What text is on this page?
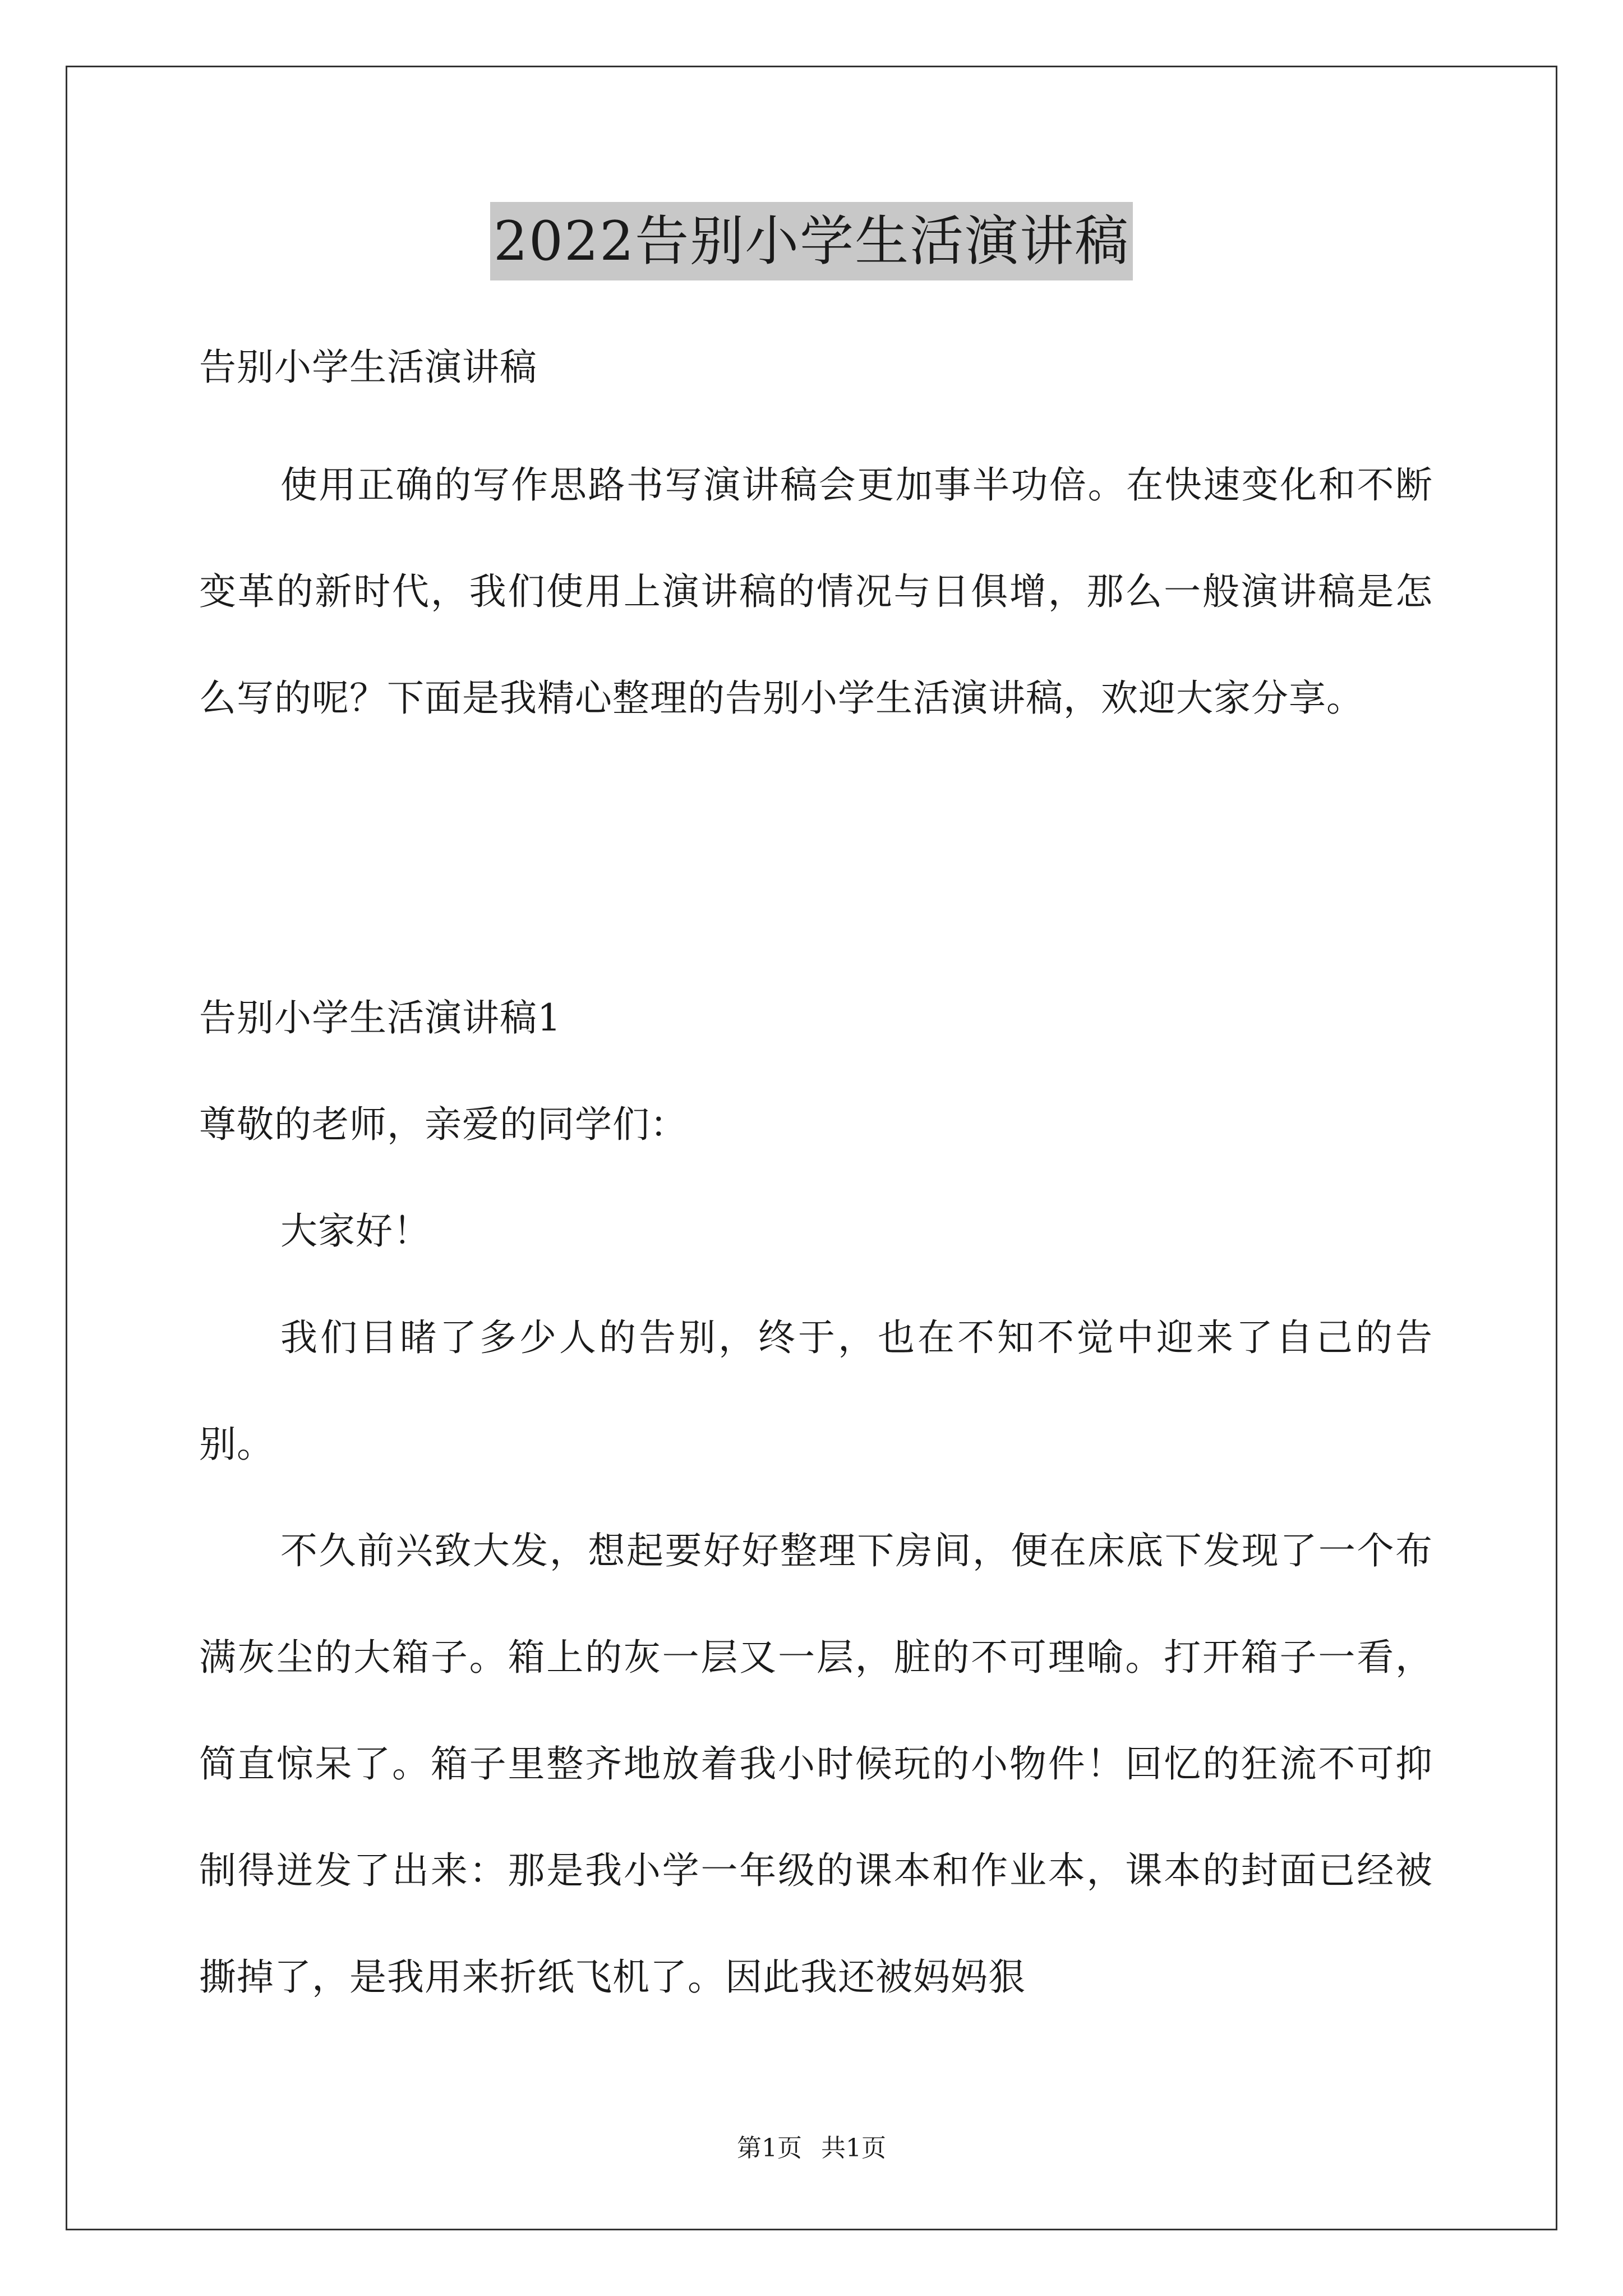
2022告别小学生活演讲稿

告别小学生活演讲稿

使用正确的写作思路书写演讲稿会更加事半功倍。在快速变化和不断变革的新时代，我们使用上演讲稿的情况与日俱增，那么一般演讲稿是怎么写的呢？下面是我精心整理的告别小学生活演讲稿，欢迎大家分享。

告别小学生活演讲稿1

尊敬的老师，亲爱的同学们：

大家好！

我们目睹了多少人的告别，终于，也在不知不觉中迎来了自己的告别。

不久前兴致大发，想起要好好整理下房间，便在床底下发现了一个布满灰尘的大箱子。箱上的灰一层又一层，脏的不可理喻。打开箱子一看，简直惊呆了。箱子里整齐地放着我小时候玩的小物件！回忆的狂流不可抑制得迸发了出来：那是我小学一年级的课本和作业本，课本的封面已经被撕掉了，是我用来折纸飞机了。因此我还被妈妈狠

第1页 共1页
